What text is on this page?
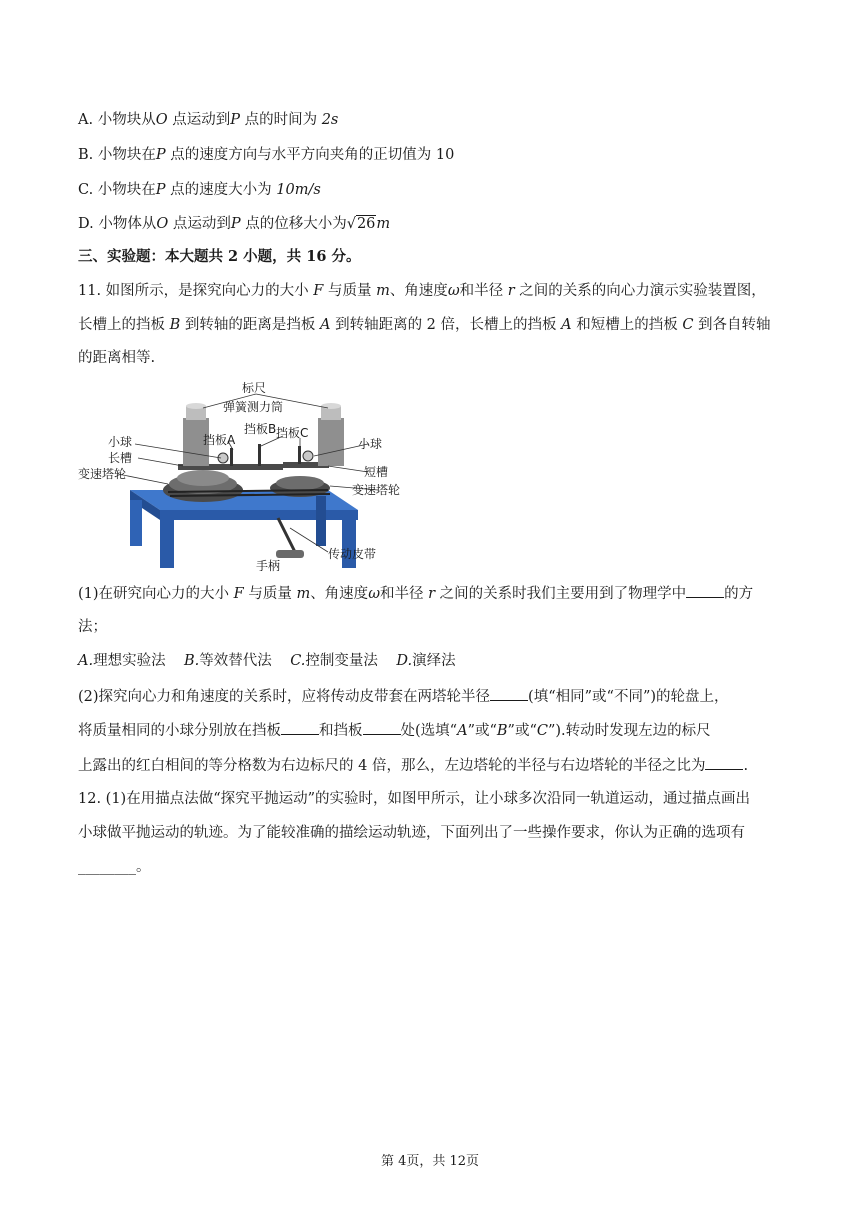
A. 小物块从O 点运动到P 点的时间为 2s
B. 小物块在P 点的速度方向与水平方向夹角的正切值为 10
C. 小物块在P 点的速度大小为 10m/s
D. 小物体从O 点运动到P 点的位移大小为√26m
三、实验题：本大题共 2 小题，共 16 分。
11. 如图所示，是探究向心力的大小 F 与质量 m、角速度ω和半径 r 之间的关系的向心力演示实验装置图，
长槽上的挡板 B 到转轴的距离是挡板 A 到转轴距离的 2 倍，长槽上的挡板 A 和短槽上的挡板 C 到各自转轴
的距离相等.
标尺
弹簧测力筒
挡板B
挡板A	挡板C
小球
长槽
变速塔轮
小球
短槽
变速塔轮
手柄
传动皮带
(1)在研究向心力的大小 F 与质量 m、角速度ω和半径 r 之间的关系时我们主要用到了物理学中	的方
法；
A.理想实验法 B.等效替代法 C.控制变量法 D.演绎法
(2)探究向心力和角速度的关系时，应将传动皮带套在两塔轮半径	(填“相同”或“不同”)的轮盘上，
将质量相同的小球分别放在挡板	和挡板	处(选填“A”或“B”或“C”).转动时发现左边的标尺
上露出的红白相间的等分格数为右边标尺的 4 倍，那么，左边塔轮的半径与右边塔轮的半径之比为	.
12. (1)在用描点法做“探究平抛运动”的实验时，如图甲所示，让小球多次沿同一轨道运动，通过描点画出
小球做平抛运动的轨迹。为了能较准确的描绘运动轨迹，下面列出了一些操作要求，你认为正确的选项有
________。
第 4页，共 12页
